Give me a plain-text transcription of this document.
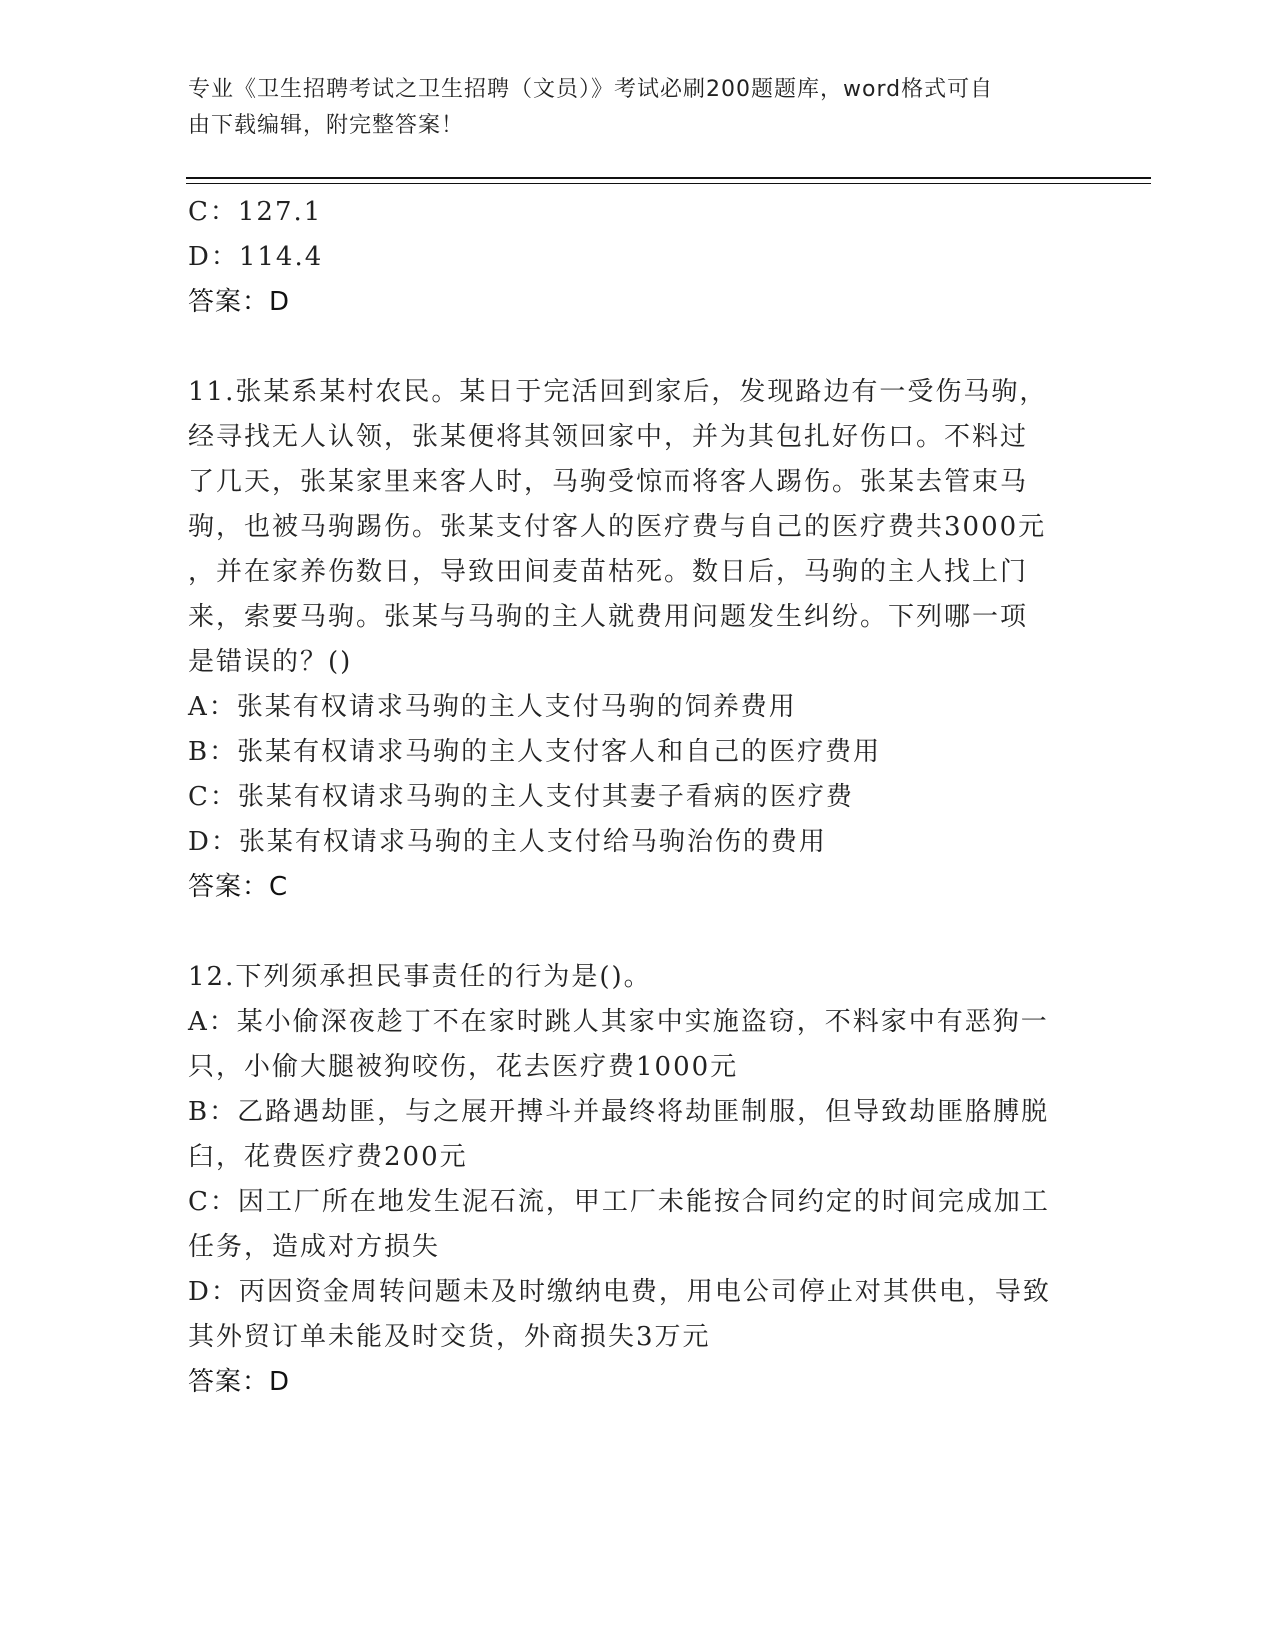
专业《卫生招聘考试之卫生招聘（文员）》考试必刷200题题库，word格式可自
由下载编辑，附完整答案！
C：127.1
D：114.4
答案：D
11.张某系某村农民。某日于完活回到家后，发现路边有一受伤马驹，
经寻找无人认领，张某便将其领回家中，并为其包扎好伤口。不料过
了几天，张某家里来客人时，马驹受惊而将客人踢伤。张某去管束马
驹，也被马驹踢伤。张某支付客人的医疗费与自己的医疗费共3000元
，并在家养伤数日，导致田间麦苗枯死。数日后，马驹的主人找上门
来，索要马驹。张某与马驹的主人就费用问题发生纠纷。下列哪一项
是错误的？()
A：张某有权请求马驹的主人支付马驹的饲养费用
B：张某有权请求马驹的主人支付客人和自己的医疗费用
C：张某有权请求马驹的主人支付其妻子看病的医疗费
D：张某有权请求马驹的主人支付给马驹治伤的费用
答案：C
12.下列须承担民事责任的行为是()。
A：某小偷深夜趁丁不在家时跳人其家中实施盗窃，不料家中有恶狗一
只，小偷大腿被狗咬伤，花去医疗费1000元
B：乙路遇劫匪，与之展开搏斗并最终将劫匪制服，但导致劫匪胳膊脱
臼，花费医疗费200元
C：因工厂所在地发生泥石流，甲工厂未能按合同约定的时间完成加工
任务，造成对方损失
D：丙因资金周转问题未及时缴纳电费，用电公司停止对其供电，导致
其外贸订单未能及时交货，外商损失3万元
答案：D
